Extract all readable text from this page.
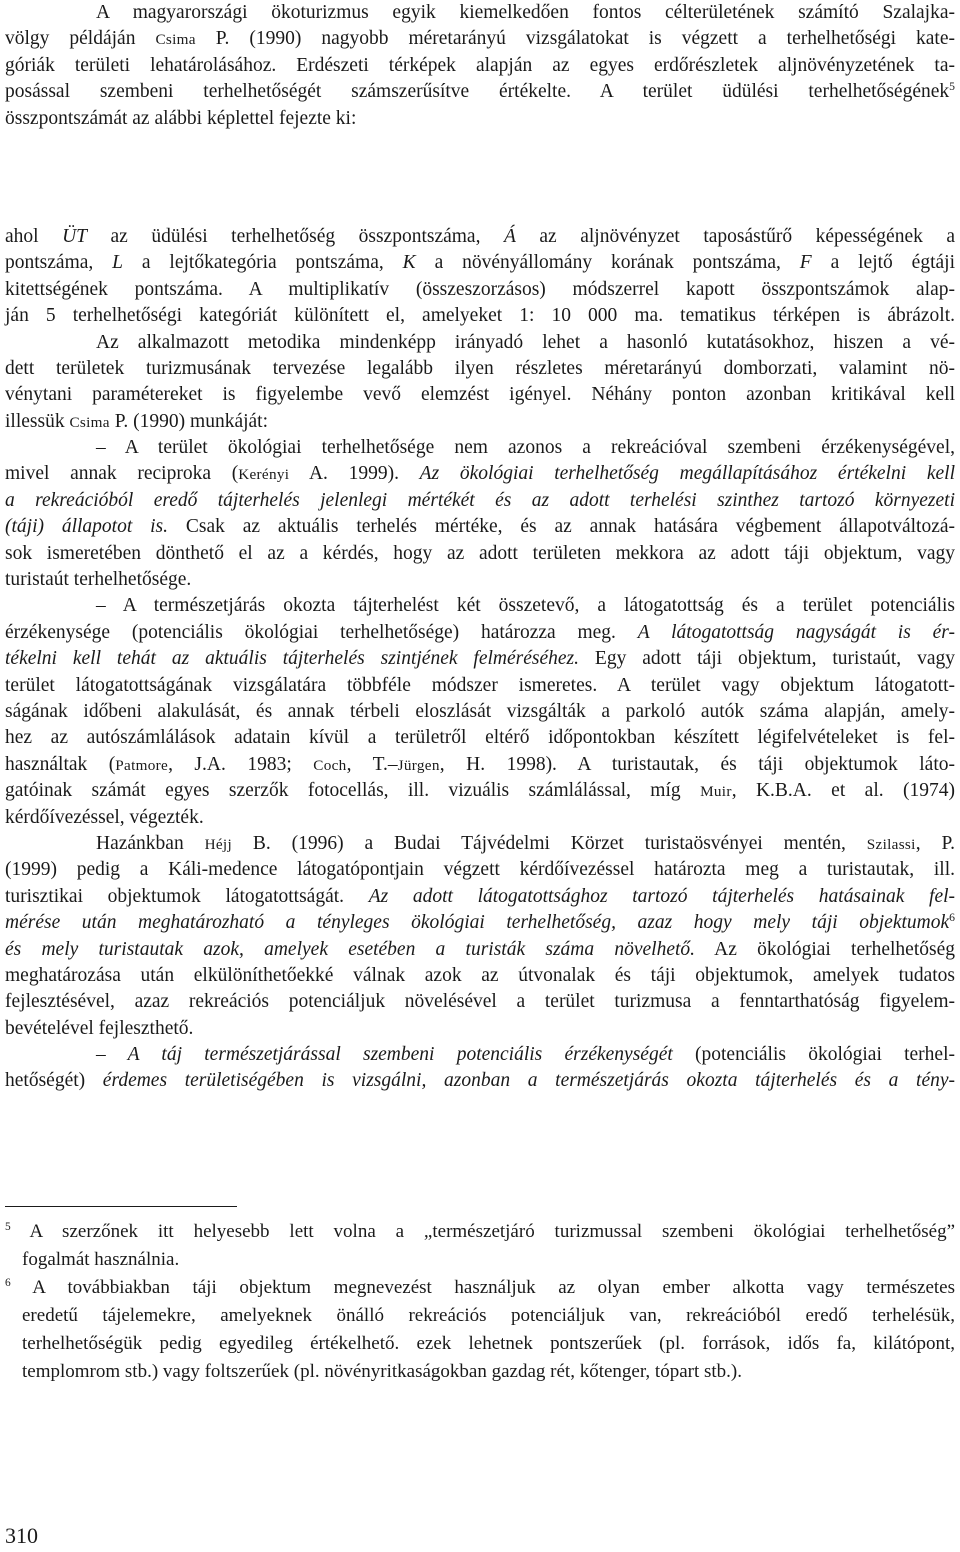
A magyarországi ökoturizmus egyik kiemelkedően fontos célterületének számító Szalajka-
völgy példáján Csima P. (1990) nagyobb méretarányú vizsgálatokat is végzett a terhelhetőségi kate-
góriák területi lehatárolásához. Erdészeti térképek alapján az egyes erdőrészletek aljnövényzetének ta-
posással szembeni terhelhetőségét számszerűsítve értékelte. A terület üdülési terhelhetőségének$^5$
összpontszámát az alábbi képlettel fejezte ki:
ahol ÜT az üdülési terhelhetőség összpontszáma, Á az aljnövényzet taposástűrő képességének a
pontszáma, L a lejtőkategória pontszáma, K a növényállomány korának pontszáma, F a lejtő égtáji
kitettségének pontszáma. A multiplikatív (összeszorzásos) módszerrel kapott összpontszámok alap-
ján 5 terhelhetőségi kategóriát különített el, amelyeket 1: 10 000 ma. tematikus térképen is ábrázolt.
Az alkalmazott metodika mindenképp irányadó lehet a hasonló kutatásokhoz, hiszen a vé-
dett területek turizmusának tervezése legalább ilyen részletes méretarányú domborzati, valamint nö-
vénytani paramétereket is figyelembe vevő elemzést igényel. Néhány ponton azonban kritikával kell
illessük Csima P. (1990) munkáját:
– A terület ökológiai terhelhetősége nem azonos a rekreációval szembeni érzékenységével,
mivel annak reciproka (Kerényi A. 1999). Az ökológiai terhelhetőség megállapításához értékelni kell
a rekreációból eredő tájterhelés jelenlegi mértékét és az adott terhelési szinthez tartozó környezeti
(táji) állapotot is. Csak az aktuális terhelés mértéke, és az annak hatására végbement állapotváltozá-
sok ismeretében dönthető el az a kérdés, hogy az adott területen mekkora az adott táji objektum, vagy
turistaút terhelhetősége.
– A természetjárás okozta tájterhelést két összetevő, a látogatottság és a terület potenciális
érzékenysége (potenciális ökológiai terhelhetősége) határozza meg. A látogatottság nagyságát is ér-
tékelni kell tehát az aktuális tájterhelés szintjének felméréséhez. Egy adott táji objektum, turistaút, vagy
terület látogatottságának vizsgálatára többféle módszer ismeretes. A terület vagy objektum látogatott-
ságának időbeni alakulását, és annak térbeli eloszlását vizsgálták a parkoló autók száma alapján, amely-
hez az autószámlálások adatain kívül a területről eltérő időpontokban készített légifelvételeket is fel-
használtak (Patmore, J.A. 1983; Coch, T.–Jürgen, H. 1998). A turistautak, és táji objektumok láto-
gatóinak számát egyes szerzők fotocellás, ill. vizuális számlálással, míg Muir, K.B.A. et al. (1974)
kérdőívezéssel, végezték.
Hazánkban Héjj B. (1996) a Budai Tájvédelmi Körzet turistaösvényei mentén, Szilassi, P.
(1999) pedig a Káli-medence látogatópontjain végzett kérdőívezéssel határozta meg a turistautak, ill.
turisztikai objektumok látogatottságát. Az adott látogatottsághoz tartozó tájterhelés hatásainak fel-
mérése után meghatározható a tényleges ökológiai terhelhetőség, azaz hogy mely táji objektumok$^6$
és mely turistautak azok, amelyek esetében a turisták száma növelhető. Az ökológiai terhelhetőség
meghatározása után elkülöníthetőekké válnak azok az útvonalak és táji objektumok, amelyek tudatos
fejlesztésével, azaz rekreációs potenciáljuk növelésével a terület turizmusa a fenntarthatóság figyelem-
bevételével fejleszthető.
– A táj természetjárással szembeni potenciális érzékenységét (potenciális ökológiai terhel-
hetőségét) érdemes területiségében is vizsgálni, azonban a természetjárás okozta tájterhelés és a tény-
$^5$ A szerzőnek itt helyesebb lett volna a „természetjáró turizmussal szembeni ökológiai terhelhetőség”
fogalmát használnia.
$^6$ A továbbiakban táji objektum megnevezést használjuk az olyan ember alkotta vagy természetes
eredetű tájelemekre, amelyeknek önálló rekreációs potenciáljuk van, rekreációból eredő terhelésük,
terhelhetőségük pedig egyedileg értékelhető. ezek lehetnek pontszerűek (pl. források, idős fa, kilátópont,
templomrom stb.) vagy foltszerűek (pl. növényritkaságokban gazdag rét, kőtenger, tópart stb.).
310
